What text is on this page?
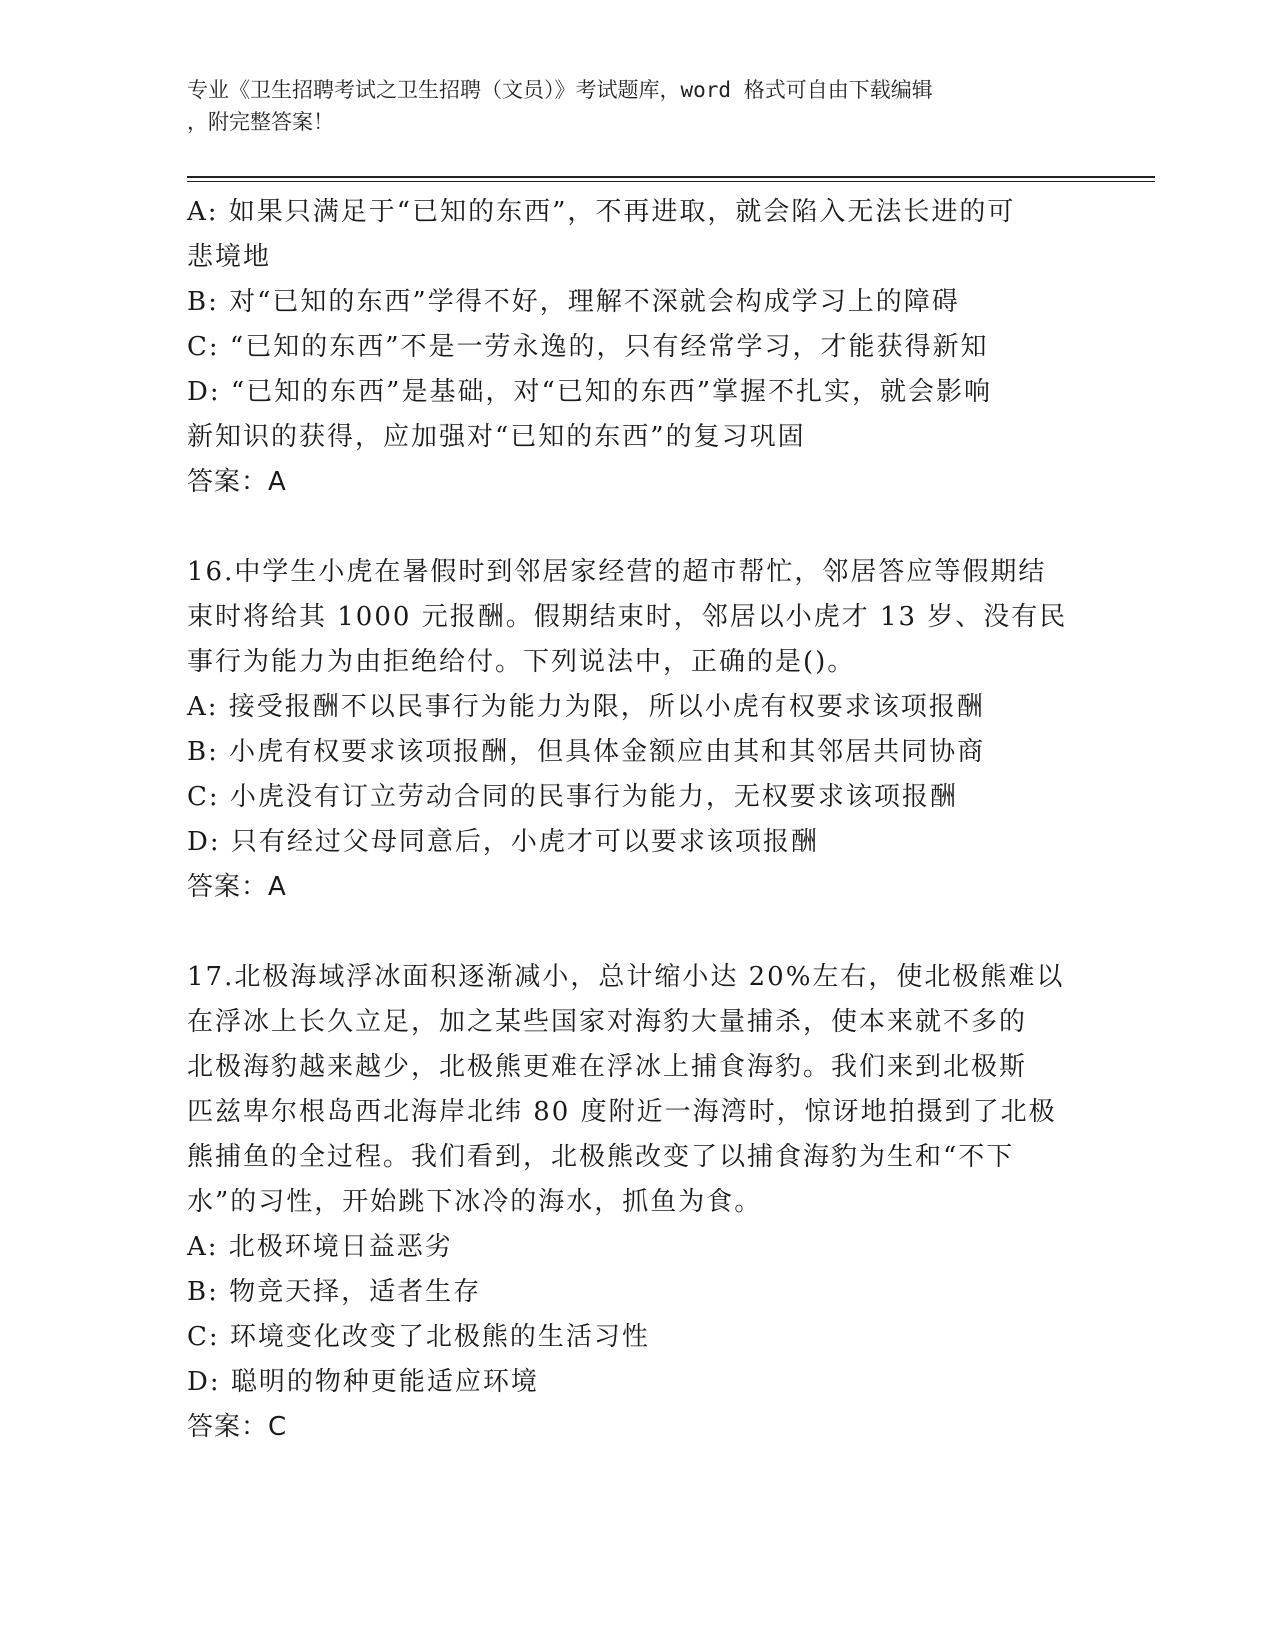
专业《卫生招聘考试之卫生招聘（文员）》考试题库，word 格式可自由下载编辑
，附完整答案！
A: 如果只满足于“已知的东西”，不再进取，就会陷入无法长进的可
悲境地
B: 对“已知的东西”学得不好，理解不深就会构成学习上的障碍
C: “已知的东西”不是一劳永逸的，只有经常学习，才能获得新知
D: “已知的东西”是基础，对“已知的东西”掌握不扎实，就会影响
新知识的获得，应加强对“已知的东西”的复习巩固
答案：A
16.中学生小虎在暑假时到邻居家经营的超市帮忙，邻居答应等假期结
束时将给其 1000 元报酬。假期结束时，邻居以小虎才 13 岁、没有民
事行为能力为由拒绝给付。下列说法中，正确的是()。
A: 接受报酬不以民事行为能力为限，所以小虎有权要求该项报酬
B: 小虎有权要求该项报酬，但具体金额应由其和其邻居共同协商
C: 小虎没有订立劳动合同的民事行为能力，无权要求该项报酬
D: 只有经过父母同意后，小虎才可以要求该项报酬
答案：A
17.北极海域浮冰面积逐渐减小，总计缩小达 20%左右，使北极熊难以
在浮冰上长久立足，加之某些国家对海豹大量捕杀，使本来就不多的
北极海豹越来越少，北极熊更难在浮冰上捕食海豹。我们来到北极斯
匹兹卑尔根岛西北海岸北纬 80 度附近一海湾时，惊讶地拍摄到了北极
熊捕鱼的全过程。我们看到，北极熊改变了以捕食海豹为生和“不下
水”的习性，开始跳下冰冷的海水，抓鱼为食。
A: 北极环境日益恶劣
B: 物竞天择，适者生存
C: 环境变化改变了北极熊的生活习性
D: 聪明的物种更能适应环境
答案：C
